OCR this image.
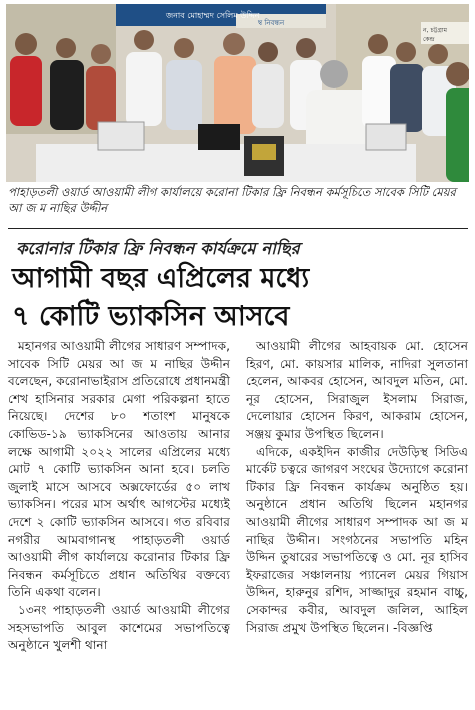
জনাব মোহাম্মদ সেলিম উদ্দিন
ম্ব নিবন্ধন
ন, চট্টগ্রাম
কেন্দ্র
পাহাড়তলী ওয়ার্ড আওয়ামী লীগ কার্যালয়ে করোনা টিকার ফ্রি নিবন্ধন কর্মসূচিতে সাবেক সিটি মেয়র আ জ ম নাছির উদ্দীন
করোনার টিকার ফ্রি নিবন্ধন কার্যক্রমে নাছির
আগামী বছর এপ্রিলের মধ্যে
৭ কোটি ভ্যাকসিন আসবে

মহানগর আওয়ামী লীগের সাধারণ সম্পাদক, সাবেক সিটি মেয়র আ জ ম নাছির উদ্দীন বলেছেন, করোনাভাইরাস প্রতিরোধে প্রধানমন্ত্রী শেখ হাসিনার সরকার মেগা পরিকল্পনা হাতে নিয়েছে। দেশের ৮০ শতাংশ মানুষকে কোভিড-১৯ ভ্যাকসিনের আওতায় আনার লক্ষে আগামী ২০২২ সালের এপ্রিলের মধ্যে মোট ৭ কোটি ভ্যাকসিন আনা হবে। চলতি জুলাই মাসে আসবে অক্সফোর্ডের ৫০ লাখ ভ্যাকসিন। পরের মাস অর্থাৎ আগস্টের মধ্যেই দেশে ২ কোটি ভ্যাকসিন আসবে। গত রবিবার নগরীর আমবাগানস্থ পাহাড়তলী ওয়ার্ড আওয়ামী লীগ কার্যালয়ে করোনার টিকার ফ্রি নিবন্ধন কর্মসূচিতে প্রধান অতিথির বক্তব্যে তিনি একথা বলেন।

১৩নং পাহাড়তলী ওয়ার্ড আওয়ামী লীগের সহসভাপতি আবুল কাশেমের সভাপতিত্বে অনুষ্ঠানে খুলশী থানা

আওয়ামী লীগের আহবায়ক মো. হোসেন হিরণ, মো. কায়সার মালিক, নাদিরা সুলতানা হেলেন, আকবর হোসেন, আবদুল মতিন, মো. নূর হোসেন, সিরাজুল ইসলাম সিরাজ, দেলোয়ার হোসেন কিরণ, আকরাম হোসেন, সঞ্জয় কুমার উপস্থিত ছিলেন।

এদিকে, একইদিন কাজীর দেউড়িস্থ সিডিএ মার্কেট চত্বরে জাগরণ সংঘের উদ্যোগে করোনা টিকার ফ্রি নিবন্ধন কার্যক্রম অনুষ্ঠিত হয়। অনুষ্ঠানে প্রধান অতিথি ছিলেন মহানগর আওয়ামী লীগের সাধারণ সম্পাদক আ জ ম নাছির উদ্দীন। সংগঠনের সভাপতি মহিন উদ্দিন তুষারের সভাপতিত্বে ও মো. নূর হাসিব ইফরাজের সঞ্চালনায় প্যানেল মেয়র গিয়াস উদ্দিন, হারুনুর রশিদ, সাজ্জাদুর রহমান বাচ্চু, সেকান্দর কবীর, আবদুল জলিল, আহিল সিরাজ প্রমুখ উপস্থিত ছিলেন। -বিজ্ঞপ্তি
